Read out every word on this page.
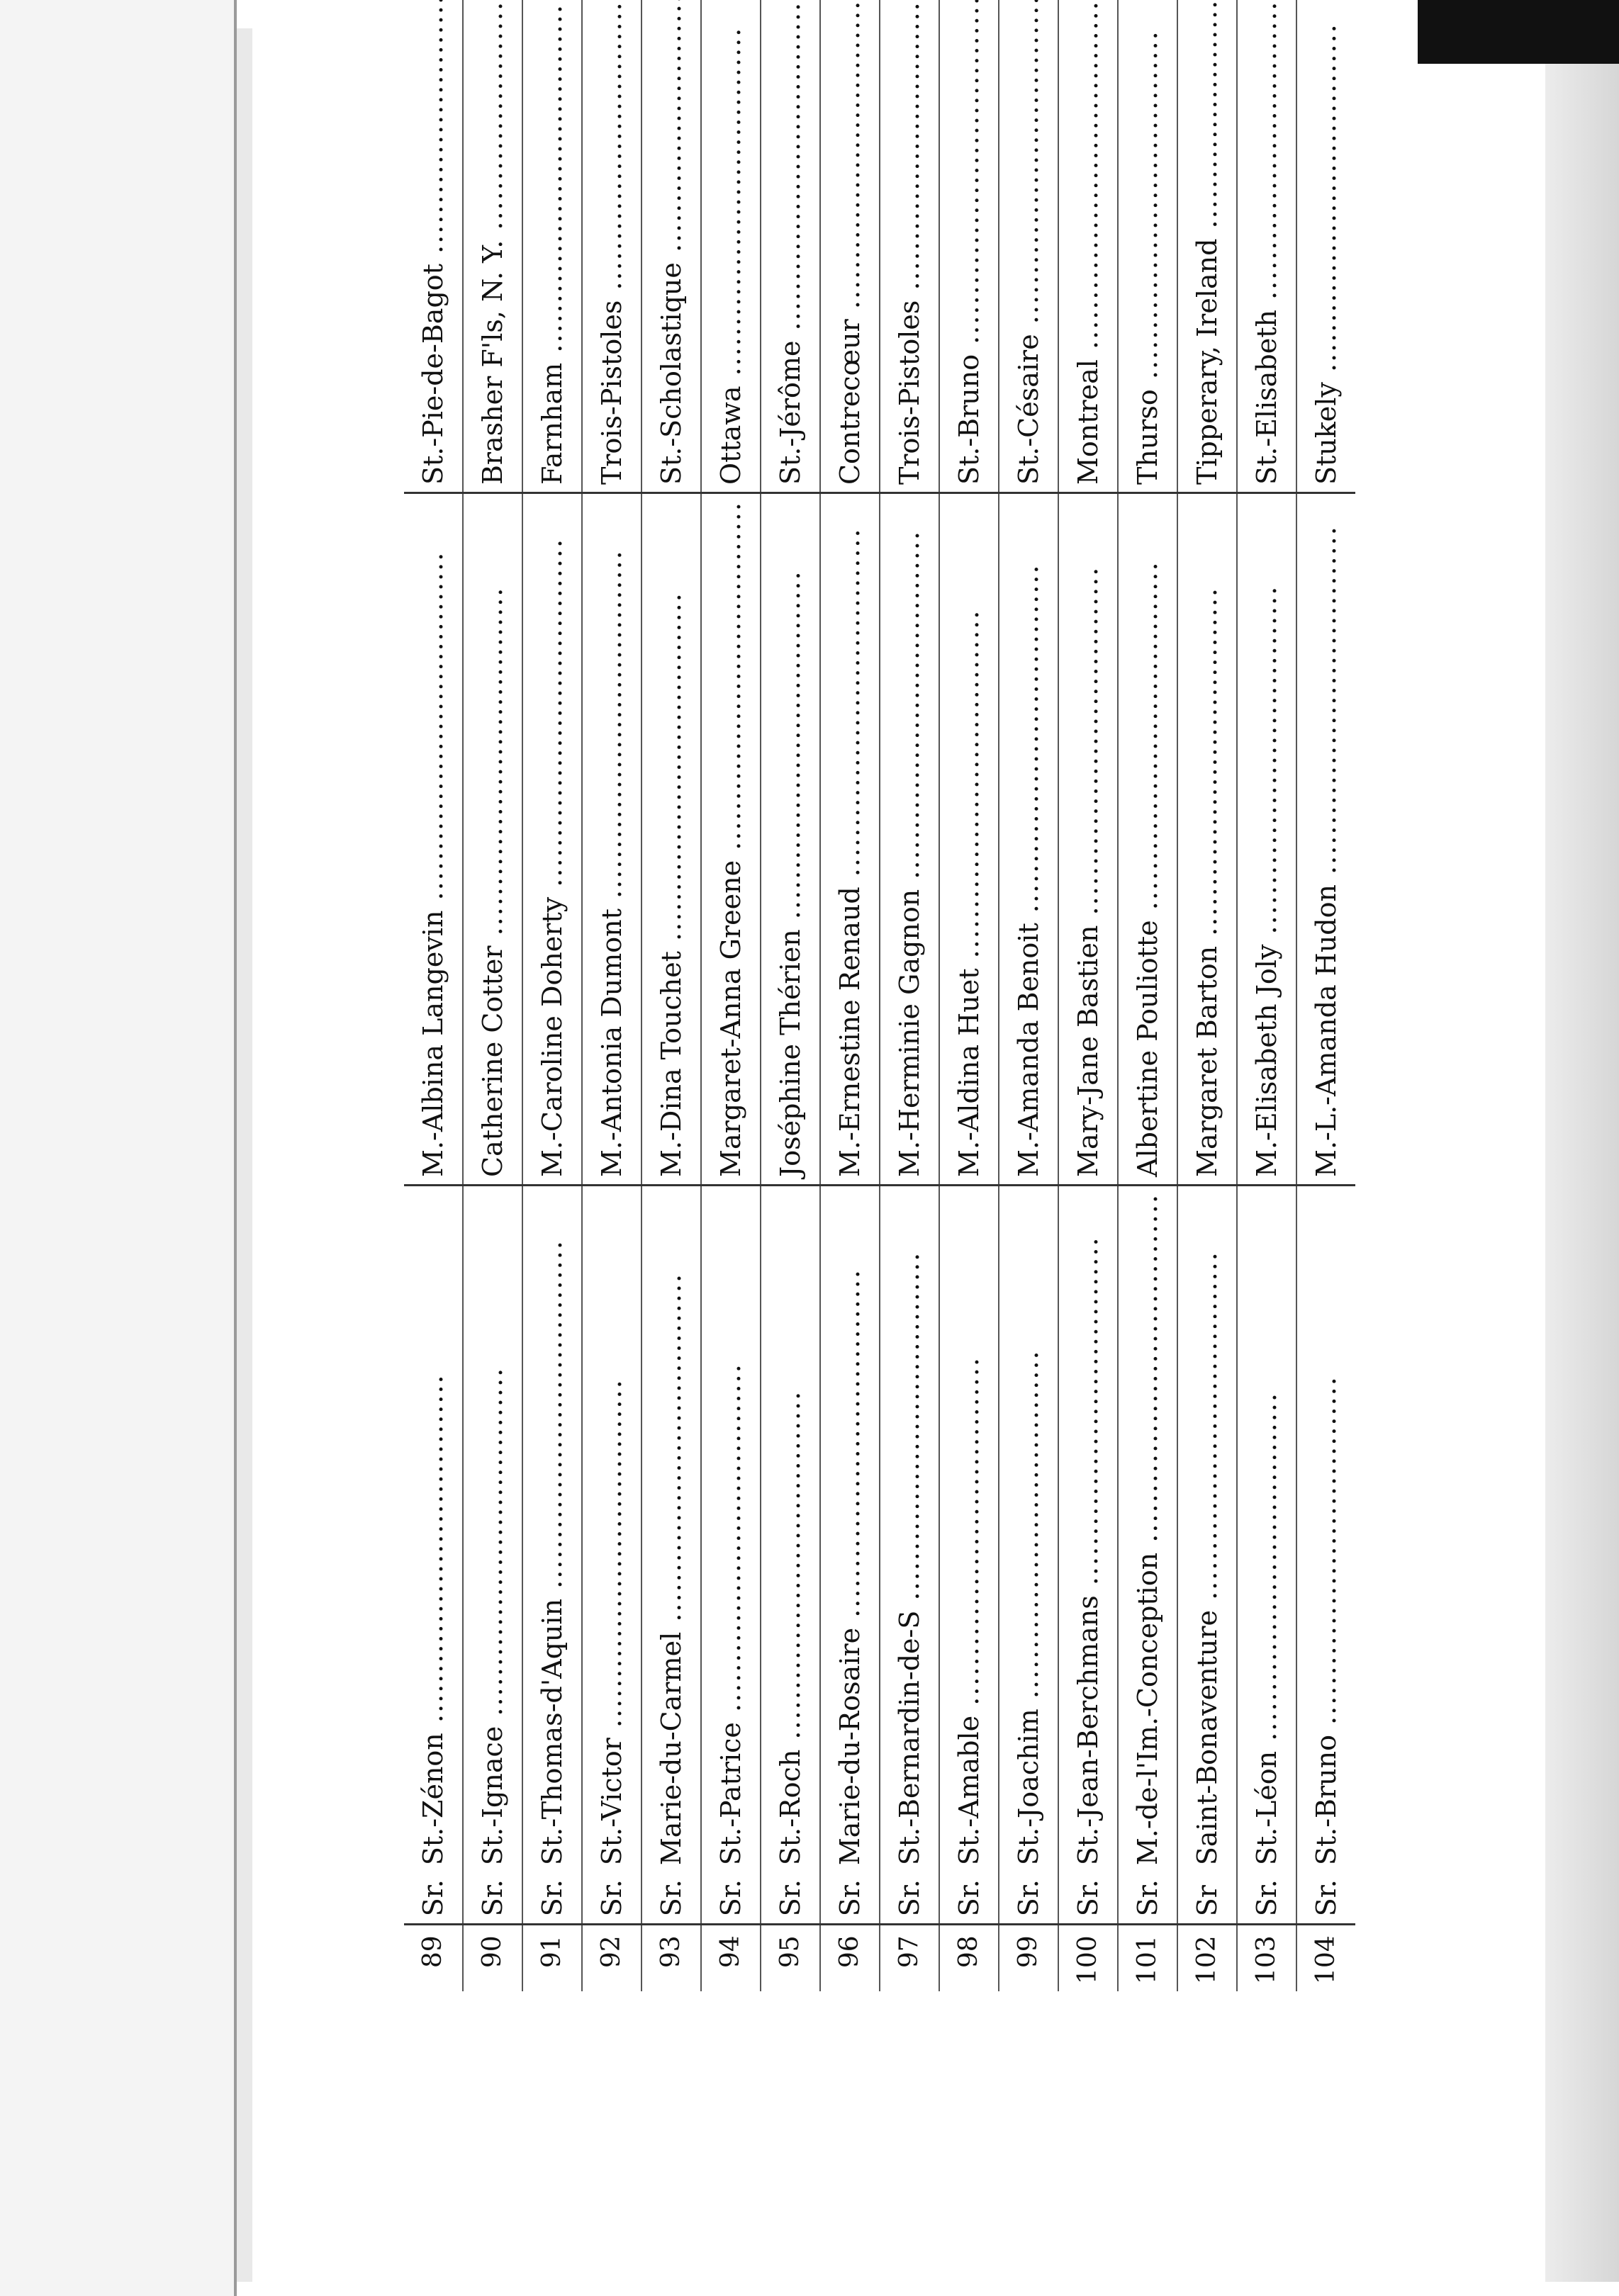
89	Sr.	St.-Zénon .....	M.-Albina Langevin .....	St.-Pie-de-Bagot .....

90	Sr.	St.-Ignace .....	Catherine Cotter .....	Brasher F'ls, N. Y. .....

91	Sr.	St.-Thomas-d'Aquin .....	M.-Caroline Doherty .....	Farnham .....

92	Sr.	St.-Victor .....	M.-Antonia Dumont .....	Trois-Pistoles .....

93	Sr.	Marie-du-Carmel .....	M.-Dina Touchet .....	St.-Scholastique .....

94	Sr.	St.-Patrice .....	Margaret-Anna Greene .....	Ottawa .....

95	Sr.	St.-Roch .....	Joséphine Thérien .....	St.-Jérôme .....

96	Sr.	Marie-du-Rosaire .....	M.-Ernestine Renaud .....	Contrecœur .....

97	Sr.	St.-Bernardin-de-S .....	M.-Herminie Gagnon .....	Trois-Pistoles .....

98	Sr.	St.-Amable .....	M.-Aldina Huet .....	St.-Bruno .....

99	Sr.	St.-Joachim .....	M.-Amanda Benoit .....	St.-Césaire .....

100	Sr.	St.-Jean-Berchmans .....	Mary-Jane Bastien .....	Montreal .....

101	Sr.	M.-de-l'Im.-Conception .....	Albertine Pouliotte .....	Thurso .....

102	Sr	Saint-Bonaventure .....	Margaret Barton .....	Tipperary, Ireland .....

103	Sr.	St.-Léon .....	M.-Elisabeth Joly .....	St.-Elisabeth .....

104	Sr.	St.-Bruno .....	M.-L.-Amanda Hudon .....	Stukely .....
